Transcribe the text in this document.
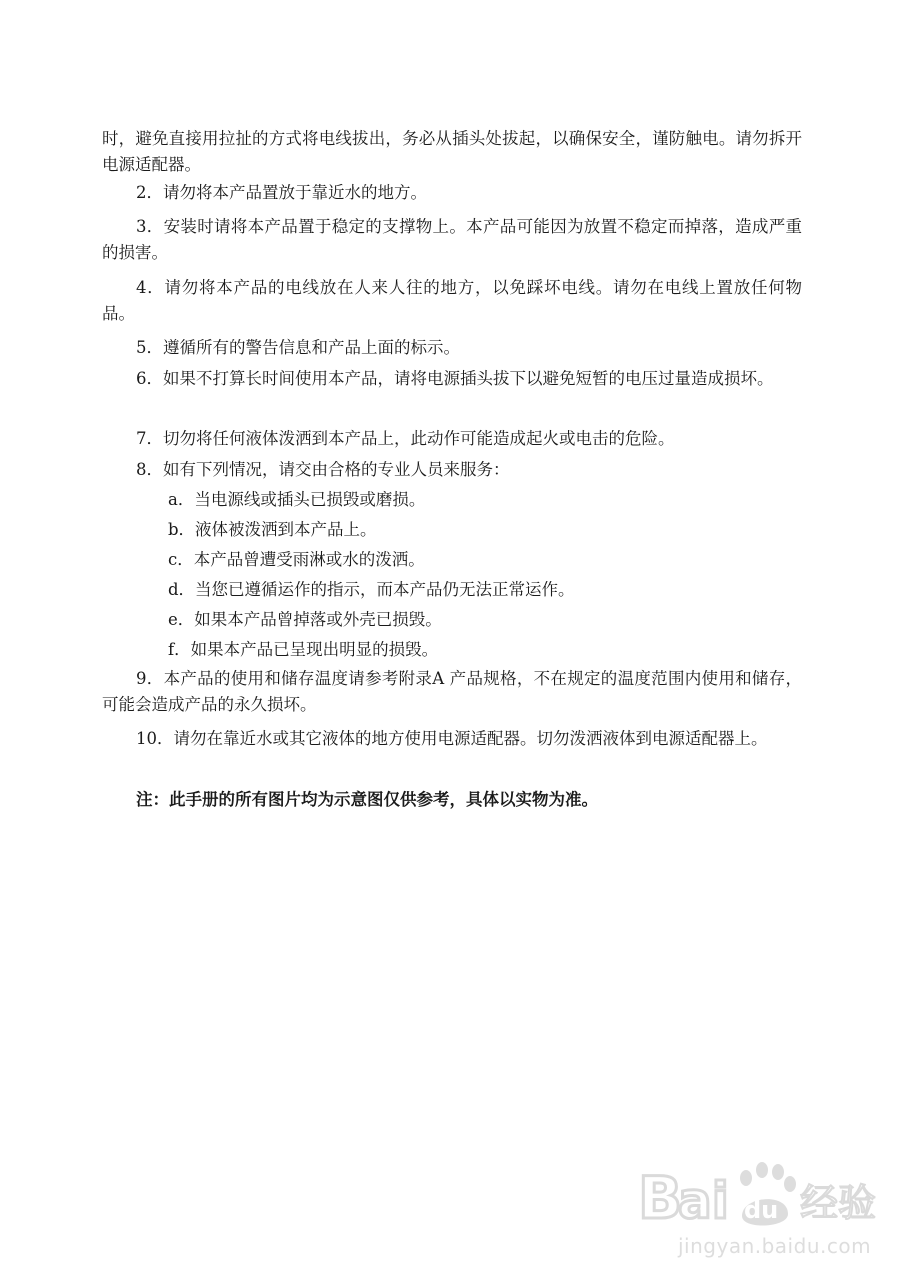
时，避免直接用拉扯的方式将电线拔出，务必从插头处拔起，以确保安全，谨防触电。请勿拆开电源适配器。

2．请勿将本产品置放于靠近水的地方。

3．安装时请将本产品置于稳定的支撑物上。本产品可能因为放置不稳定而掉落，造成严重的损害。

4．请勿将本产品的电线放在人来人往的地方，以免踩坏电线。请勿在电线上置放任何物品。

5．遵循所有的警告信息和产品上面的标示。

6．如果不打算长时间使用本产品，请将电源插头拔下以避免短暂的电压过量造成损坏。

7．切勿将任何液体泼洒到本产品上，此动作可能造成起火或电击的危险。

8．如有下列情况，请交由合格的专业人员来服务：

a．当电源线或插头已损毁或磨损。

b．液体被泼洒到本产品上。

c．本产品曾遭受雨淋或水的泼洒。

d．当您已遵循运作的指示，而本产品仍无法正常运作。

e．如果本产品曾掉落或外壳已损毁。

f．如果本产品已呈现出明显的损毁。

9．本产品的使用和储存温度请参考附录A 产品规格，不在规定的温度范围内使用和储存，可能会造成产品的永久损坏。

10．请勿在靠近水或其它液体的地方使用电源适配器。切勿泼洒液体到电源适配器上。

注：此手册的所有图片均为示意图仅供参考，具体以实物为准。

B
ai du 经验
jingyan.baidu.com
